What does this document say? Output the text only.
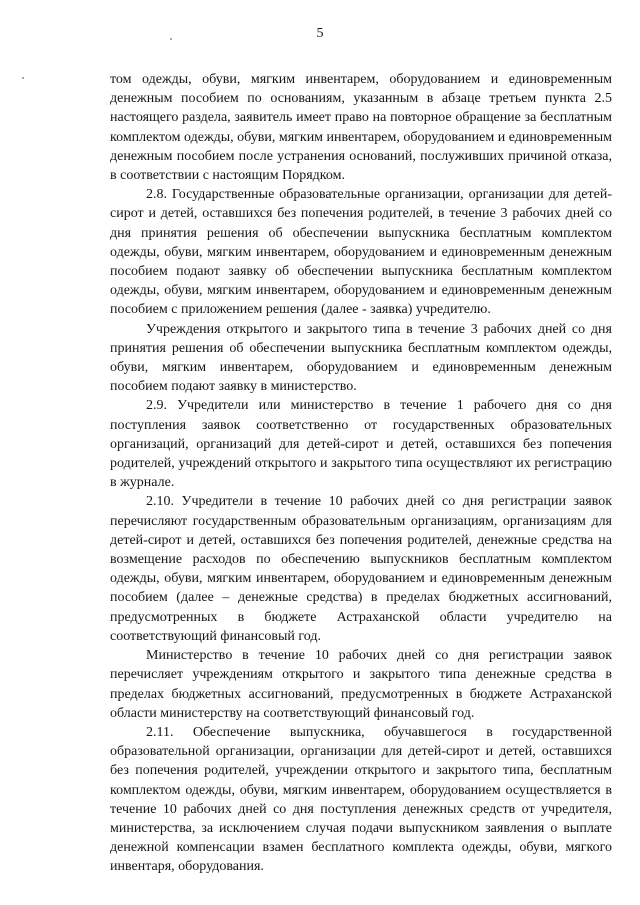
5

том одежды, обуви, мягким инвентарем, оборудованием и единовременным денежным пособием по основаниям, указанным в абзаце третьем пункта 2.5 настоящего раздела, заявитель имеет право на повторное обращение за бесплатным комплектом одежды, обуви, мягким инвентарем, оборудованием и единовременным денежным пособием после устранения оснований, послуживших причиной отказа, в соответствии с настоящим Порядком.

2.8. Государственные образовательные организации, организации для детей-сирот и детей, оставшихся без попечения родителей, в течение 3 рабочих дней со дня принятия решения об обеспечении выпускника бесплатным комплектом одежды, обуви, мягким инвентарем, оборудованием и единовременным денежным пособием подают заявку об обеспечении выпускника бесплатным комплектом одежды, обуви, мягким инвентарем, оборудованием и единовременным денежным пособием с приложением решения (далее - заявка) учредителю.

Учреждения открытого и закрытого типа в течение 3 рабочих дней со дня принятия решения об обеспечении выпускника бесплатным комплектом одежды, обуви, мягким инвентарем, оборудованием и единовременным денежным пособием подают заявку в министерство.

2.9. Учредители или министерство в течение 1 рабочего дня со дня поступления заявок соответственно от государственных образовательных организаций, организаций для детей-сирот и детей, оставшихся без попечения родителей, учреждений открытого и закрытого типа осуществляют их регистрацию в журнале.

2.10. Учредители в течение 10 рабочих дней со дня регистрации заявок перечисляют государственным образовательным организациям, организациям для детей-сирот и детей, оставшихся без попечения родителей, денежные средства на возмещение расходов по обеспечению выпускников бесплатным комплектом одежды, обуви, мягким инвентарем, оборудованием и единовременным денежным пособием (далее – денежные средства) в пределах бюджетных ассигнований, предусмотренных в бюджете Астраханской области учредителю на соответствующий финансовый год.

Министерство в течение 10 рабочих дней со дня регистрации заявок перечисляет учреждениям открытого и закрытого типа денежные средства в пределах бюджетных ассигнований, предусмотренных в бюджете Астраханской области министерству на соответствующий финансовый год.

2.11. Обеспечение выпускника, обучавшегося в государственной образовательной организации, организации для детей-сирот и детей, оставшихся без попечения родителей, учреждении открытого и закрытого типа, бесплатным комплектом одежды, обуви, мягким инвентарем, оборудованием осуществляется в течение 10 рабочих дней со дня поступления денежных средств от учредителя, министерства, за исключением случая подачи выпускником заявления о выплате денежной компенсации взамен бесплатного комплекта одежды, обуви, мягкого инвентаря, оборудования.
